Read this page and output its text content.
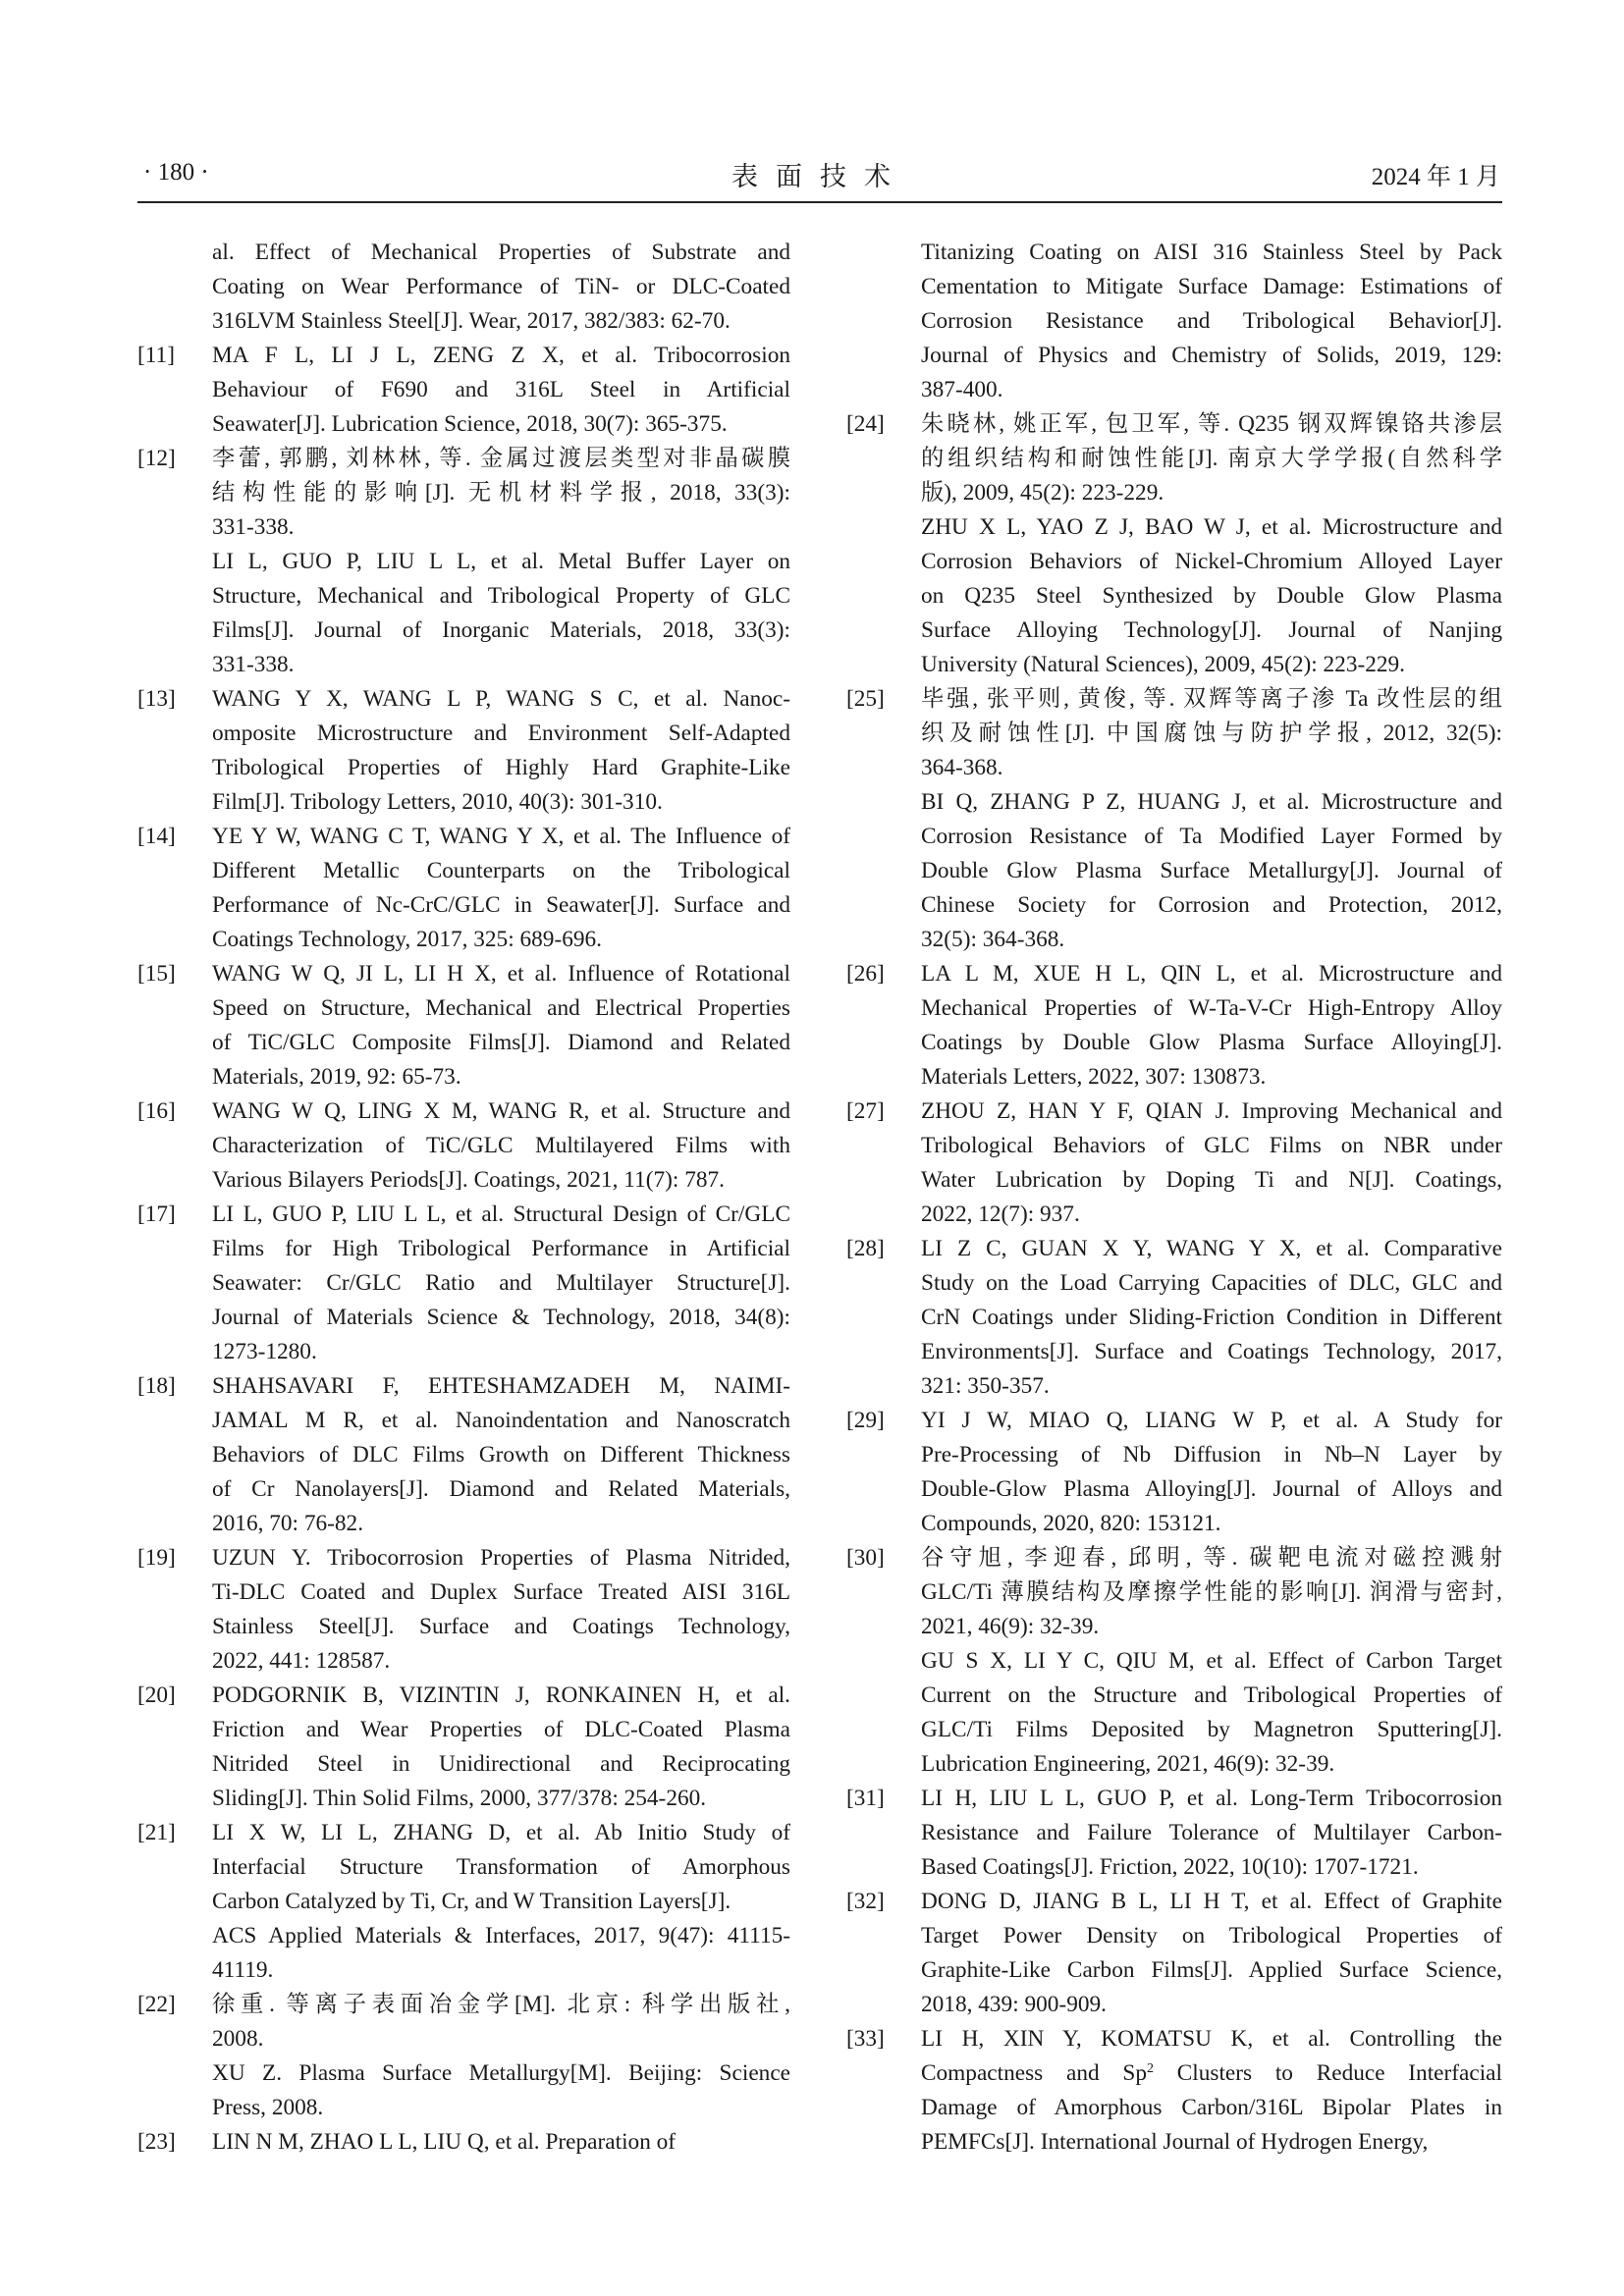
· 180 ·	表面技术	2024 年 1 月
al. Effect of Mechanical Properties of Substrate and
Coating on Wear Performance of TiN- or DLC-Coated
316LVM Stainless Steel[J]. Wear, 2017, 382/383: 62-70.
[11]	MA F L, LI J L, ZENG Z X, et al. Tribocorrosion
Behaviour of F690 and 316L Steel in Artificial
Seawater[J]. Lubrication Science, 2018, 30(7): 365-375.
[12]	李蕾, 郭鹏, 刘林林, 等. 金属过渡层类型对非晶碳膜
结构性能的影响[J]. 无机材料学报, 2018, 33(3):
331-338.
LI L, GUO P, LIU L L, et al. Metal Buffer Layer on
Structure, Mechanical and Tribological Property of GLC
Films[J]. Journal of Inorganic Materials, 2018, 33(3):
331-338.
[13]	WANG Y X, WANG L P, WANG S C, et al. Nanoc-
omposite Microstructure and Environment Self-Adapted
Tribological Properties of Highly Hard Graphite-Like
Film[J]. Tribology Letters, 2010, 40(3): 301-310.
[14]	YE Y W, WANG C T, WANG Y X, et al. The Influence of
Different Metallic Counterparts on the Tribological
Performance of Nc-CrC/GLC in Seawater[J]. Surface and
Coatings Technology, 2017, 325: 689-696.
[15]	WANG W Q, JI L, LI H X, et al. Influence of Rotational
Speed on Structure, Mechanical and Electrical Properties
of TiC/GLC Composite Films[J]. Diamond and Related
Materials, 2019, 92: 65-73.
[16]	WANG W Q, LING X M, WANG R, et al. Structure and
Characterization of TiC/GLC Multilayered Films with
Various Bilayers Periods[J]. Coatings, 2021, 11(7): 787.
[17]	LI L, GUO P, LIU L L, et al. Structural Design of Cr/GLC
Films for High Tribological Performance in Artificial
Seawater: Cr/GLC Ratio and Multilayer Structure[J].
Journal of Materials Science & Technology, 2018, 34(8):
1273-1280.
[18]	SHAHSAVARI F, EHTESHAMZADEH M, NAIMI-
JAMAL M R, et al. Nanoindentation and Nanoscratch
Behaviors of DLC Films Growth on Different Thickness
of Cr Nanolayers[J]. Diamond and Related Materials,
2016, 70: 76-82.
[19]	UZUN Y. Tribocorrosion Properties of Plasma Nitrided,
Ti-DLC Coated and Duplex Surface Treated AISI 316L
Stainless Steel[J]. Surface and Coatings Technology,
2022, 441: 128587.
[20]	PODGORNIK B, VIZINTIN J, RONKAINEN H, et al.
Friction and Wear Properties of DLC-Coated Plasma
Nitrided Steel in Unidirectional and Reciprocating
Sliding[J]. Thin Solid Films, 2000, 377/378: 254-260.
[21]	LI X W, LI L, ZHANG D, et al. Ab Initio Study of
Interfacial Structure Transformation of Amorphous
Carbon Catalyzed by Ti, Cr, and W Transition Layers[J].
ACS Applied Materials & Interfaces, 2017, 9(47): 41115-
41119.
[22]	徐重. 等离子表面冶金学[M]. 北京: 科学出版社,
2008.
XU Z. Plasma Surface Metallurgy[M]. Beijing: Science
Press, 2008.
[23]	LIN N M, ZHAO L L, LIU Q, et al. Preparation of
Titanizing Coating on AISI 316 Stainless Steel by Pack
Cementation to Mitigate Surface Damage: Estimations of
Corrosion Resistance and Tribological Behavior[J].
Journal of Physics and Chemistry of Solids, 2019, 129:
387-400.
[24]	朱晓林, 姚正军, 包卫军, 等. Q235 钢双辉镍铬共渗层
的组织结构和耐蚀性能[J]. 南京大学学报(自然科学
版), 2009, 45(2): 223-229.
ZHU X L, YAO Z J, BAO W J, et al. Microstructure and
Corrosion Behaviors of Nickel-Chromium Alloyed Layer
on Q235 Steel Synthesized by Double Glow Plasma
Surface Alloying Technology[J]. Journal of Nanjing
University (Natural Sciences), 2009, 45(2): 223-229.
[25]	毕强, 张平则, 黄俊, 等. 双辉等离子渗 Ta 改性层的组
织及耐蚀性[J]. 中国腐蚀与防护学报, 2012, 32(5):
364-368.
BI Q, ZHANG P Z, HUANG J, et al. Microstructure and
Corrosion Resistance of Ta Modified Layer Formed by
Double Glow Plasma Surface Metallurgy[J]. Journal of
Chinese Society for Corrosion and Protection, 2012,
32(5): 364-368.
[26]	LA L M, XUE H L, QIN L, et al. Microstructure and
Mechanical Properties of W-Ta-V-Cr High-Entropy Alloy
Coatings by Double Glow Plasma Surface Alloying[J].
Materials Letters, 2022, 307: 130873.
[27]	ZHOU Z, HAN Y F, QIAN J. Improving Mechanical and
Tribological Behaviors of GLC Films on NBR under
Water Lubrication by Doping Ti and N[J]. Coatings,
2022, 12(7): 937.
[28]	LI Z C, GUAN X Y, WANG Y X, et al. Comparative
Study on the Load Carrying Capacities of DLC, GLC and
CrN Coatings under Sliding-Friction Condition in Different
Environments[J]. Surface and Coatings Technology, 2017,
321: 350-357.
[29]	YI J W, MIAO Q, LIANG W P, et al. A Study for
Pre-Processing of Nb Diffusion in Nb–N Layer by
Double-Glow Plasma Alloying[J]. Journal of Alloys and
Compounds, 2020, 820: 153121.
[30]	谷守旭, 李迎春, 邱明, 等. 碳靶电流对磁控溅射
GLC/Ti 薄膜结构及摩擦学性能的影响[J]. 润滑与密封,
2021, 46(9): 32-39.
GU S X, LI Y C, QIU M, et al. Effect of Carbon Target
Current on the Structure and Tribological Properties of
GLC/Ti Films Deposited by Magnetron Sputtering[J].
Lubrication Engineering, 2021, 46(9): 32-39.
[31]	LI H, LIU L L, GUO P, et al. Long-Term Tribocorrosion
Resistance and Failure Tolerance of Multilayer Carbon-
Based Coatings[J]. Friction, 2022, 10(10): 1707-1721.
[32]	DONG D, JIANG B L, LI H T, et al. Effect of Graphite
Target Power Density on Tribological Properties of
Graphite-Like Carbon Films[J]. Applied Surface Science,
2018, 439: 900-909.
[33]	LI H, XIN Y, KOMATSU K, et al. Controlling the
Compactness and Sp$^2$ Clusters to Reduce Interfacial
Damage of Amorphous Carbon/316L Bipolar Plates in
PEMFCs[J]. International Journal of Hydrogen Energy,
